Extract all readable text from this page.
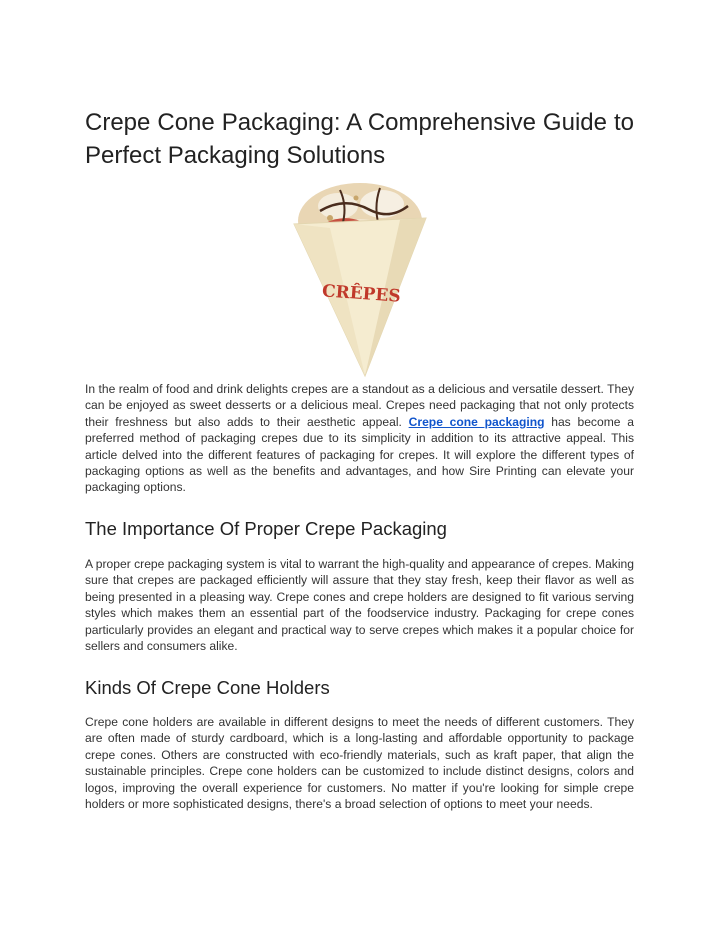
Crepe Cone Packaging: A Comprehensive Guide to Perfect Packaging Solutions
CRÊPES

In the realm of food and drink delights crepes are a standout as a delicious and versatile dessert. They can be enjoyed as sweet desserts or a delicious meal. Crepes need packaging that not only protects their freshness but also adds to their aesthetic appeal. Crepe cone packaging has become a preferred method of packaging crepes due to its simplicity in addition to its attractive appeal. This article delved into the different features of packaging for crepes. It will explore the different types of packaging options as well as the benefits and advantages, and how Sire Printing can elevate your packaging options.

The Importance Of Proper Crepe Packaging

A proper crepe packaging system is vital to warrant the high-quality and appearance of crepes. Making sure that crepes are packaged efficiently will assure that they stay fresh, keep their flavor as well as being presented in a pleasing way. Crepe cones and crepe holders are designed to fit various serving styles which makes them an essential part of the foodservice industry. Packaging for crepe cones particularly provides an elegant and practical way to serve crepes which makes it a popular choice for sellers and consumers alike.

Kinds Of Crepe Cone Holders

Crepe cone holders are available in different designs to meet the needs of different customers. They are often made of sturdy cardboard, which is a long-lasting and affordable opportunity to package crepe cones. Others are constructed with eco-friendly materials, such as kraft paper, that align the sustainable principles. Crepe cone holders can be customized to include distinct designs, colors and logos, improving the overall experience for customers. No matter if you're looking for simple crepe holders or more sophisticated designs, there's a broad selection of options to meet your needs.
